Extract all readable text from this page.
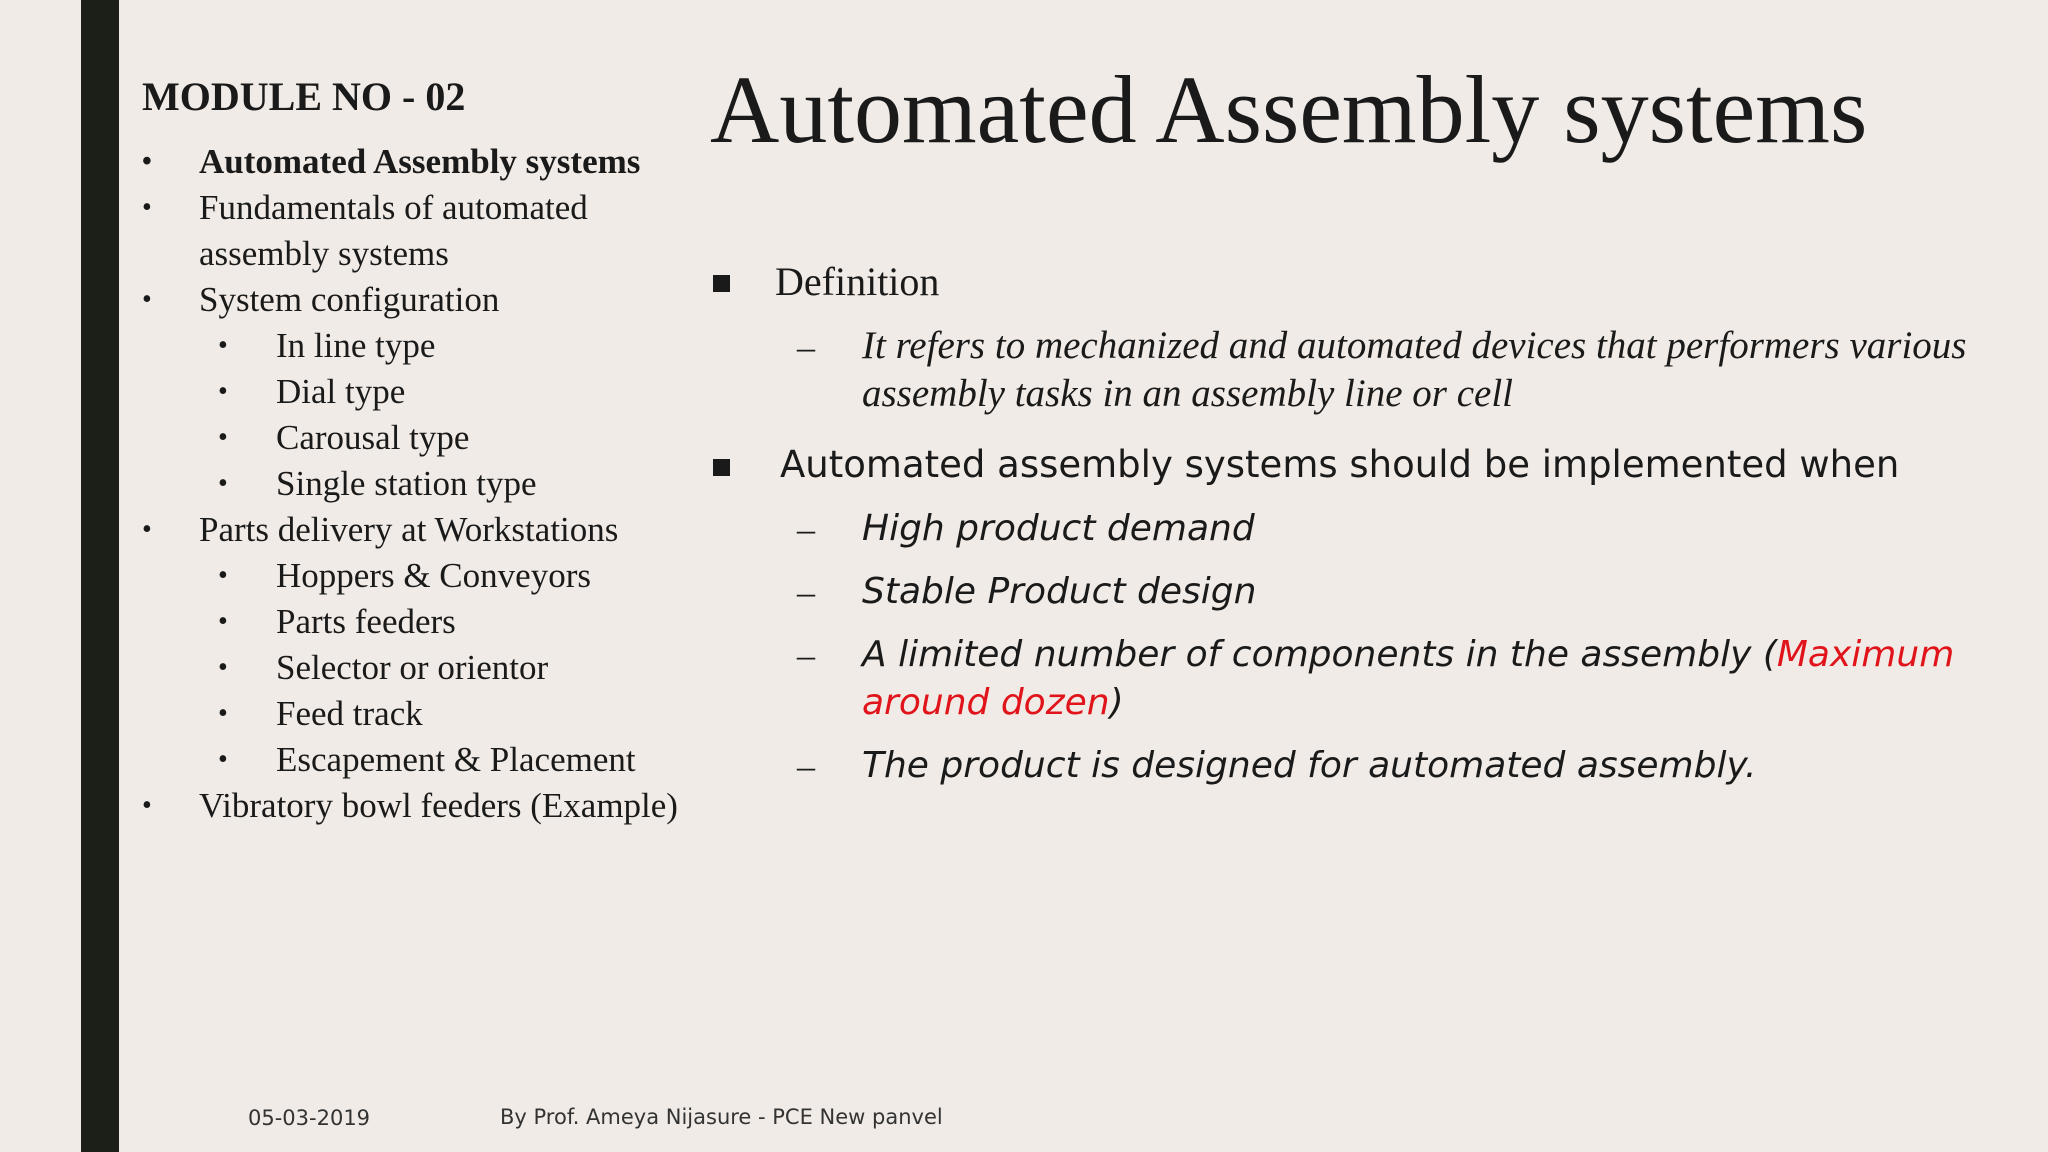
MODULE NO - 02
• Automated Assembly systems
• Fundamentals of automated assembly systems
• System configuration
• In line type
• Dial type
• Carousal type
• Single station type
• Parts delivery at Workstations
• Hoppers & Conveyors
• Parts feeders
• Selector or orientor
• Feed track
• Escapement & Placement
• Vibratory bowl feeders (Example)
Automated Assembly systems
Definition
– It refers to mechanized and automated devices that performers various assembly tasks in an assembly line or cell
Automated assembly systems should be implemented when
– High product demand
– Stable Product design
– A limited number of components in the assembly (Maximum around dozen)
– The product is designed for automated assembly.
05-03-2019	By Prof. Ameya Nijasure - PCE New panvel
